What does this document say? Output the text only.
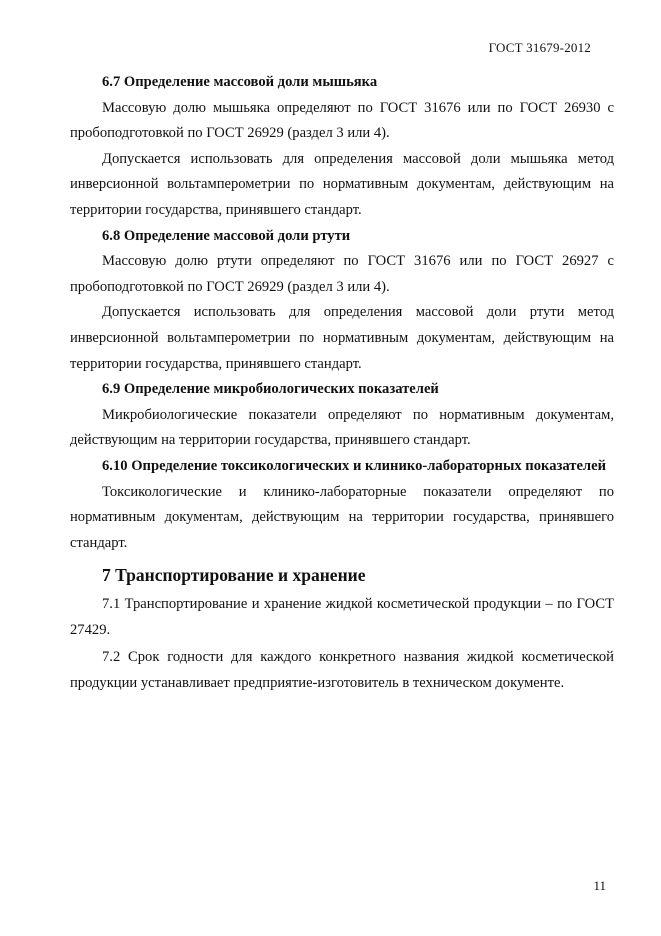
ГОСТ 31679-2012

6.7 Определение массовой доли мышьяка

Массовую долю мышьяка определяют по ГОСТ 31676 или по ГОСТ 26930 с пробоподготовкой по ГОСТ 26929 (раздел 3 или 4).

Допускается использовать для определения массовой доли мышьяка метод инверсионной вольтамперометрии по нормативным документам, действующим на территории государства, принявшего стандарт.

6.8 Определение массовой доли ртути

Массовую долю ртути определяют по ГОСТ 31676 или по ГОСТ 26927 с пробоподготовкой по ГОСТ 26929 (раздел 3 или 4).

Допускается использовать для определения массовой доли ртути метод инверсионной вольтамперометрии по нормативным документам, действующим на территории государства, принявшего стандарт.

6.9 Определение микробиологических показателей

Микробиологические показатели определяют по нормативным документам, действующим на территории государства, принявшего стандарт.

6.10 Определение токсикологических и клинико-лабораторных показателей

Токсикологические и клинико-лабораторные показатели определяют по нормативным документам, действующим на территории государства, принявшего стандарт.

7 Транспортирование и хранение

7.1 Транспортирование и хранение жидкой косметической продукции – по ГОСТ 27429.

7.2 Срок годности для каждого конкретного названия жидкой косметической продукции устанавливает предприятие-изготовитель в техническом документе.

11
